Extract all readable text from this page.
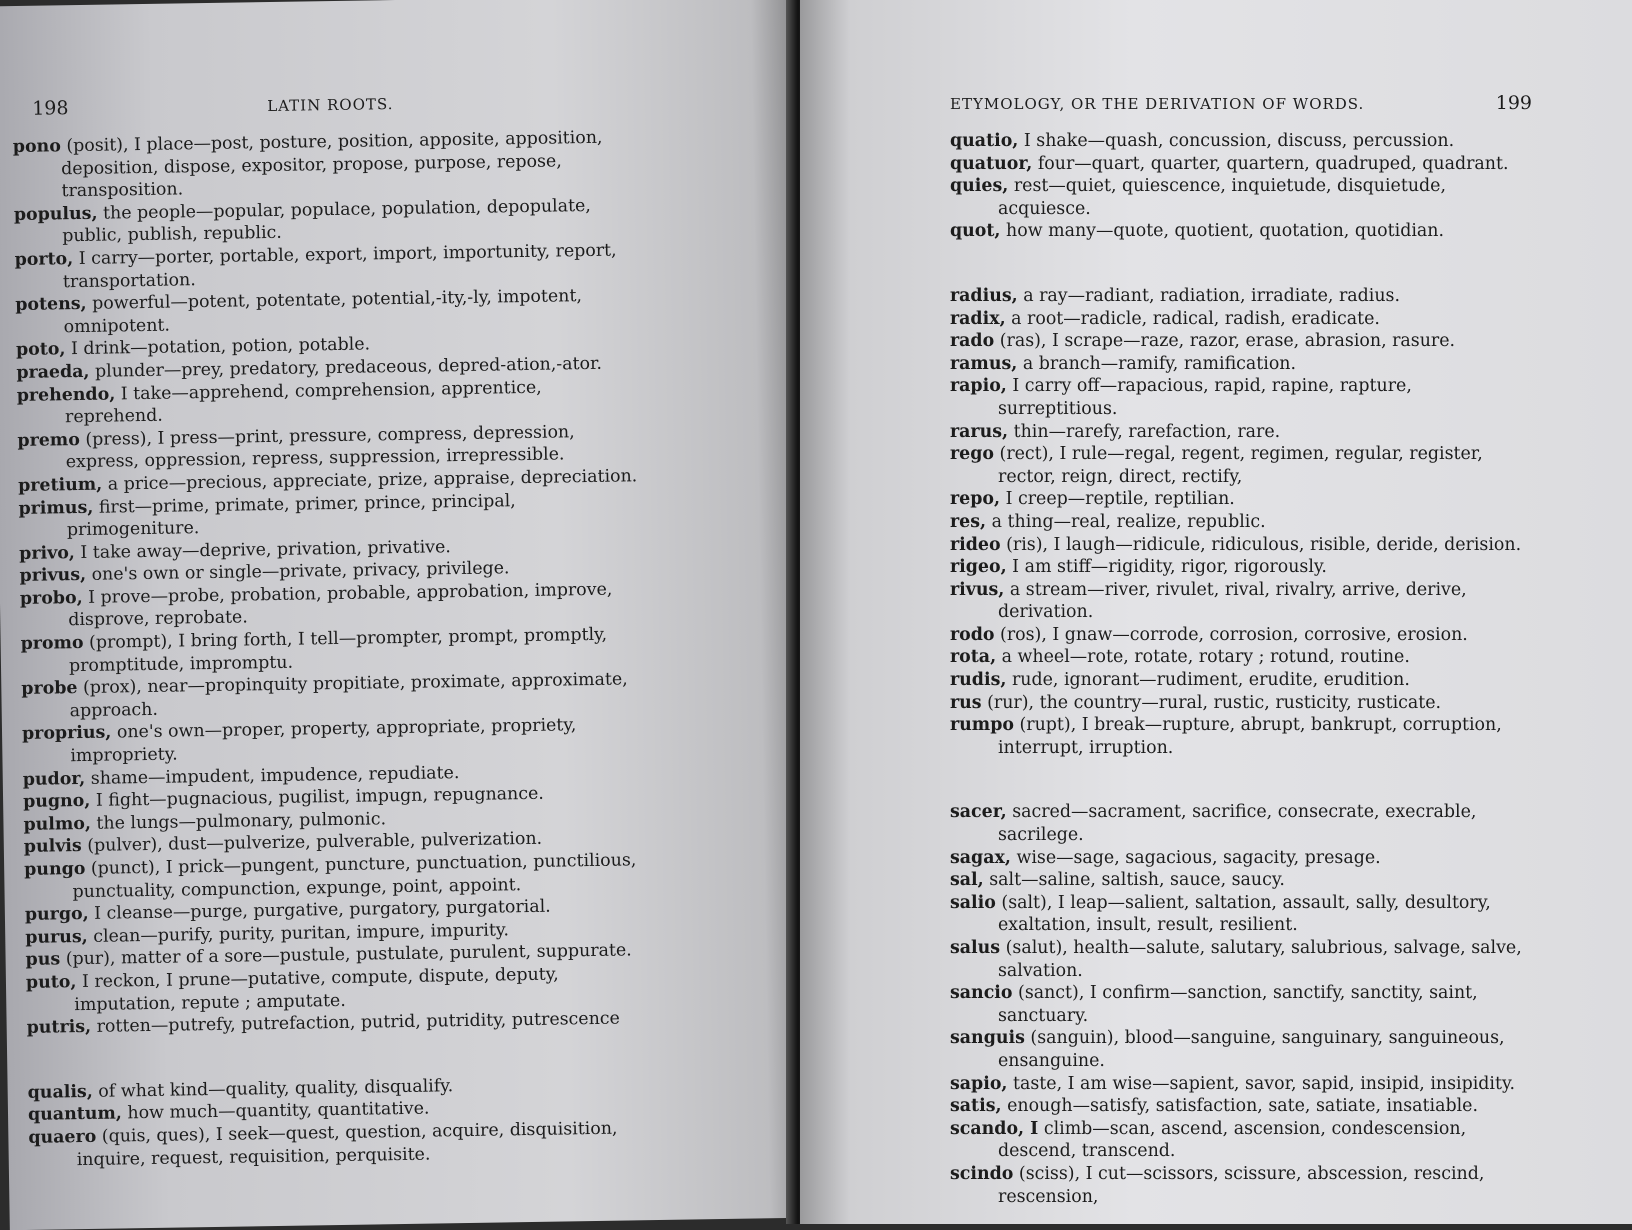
198	LATIN ROOTS.

pono (posit), I place—post, posture, position, apposite, apposition, deposition, dispose, expositor, propose, purpose, repose, transposition.

populus, the people—popular, populace, population, depopulate, public, publish, republic.

porto, I carry—porter, portable, export, import, importunity, report, transportation.

potens, powerful—potent, potentate, potential,-ity,-ly, impotent, omnipotent.

poto, I drink—potation, potion, potable.

praeda, plunder—prey, predatory, predaceous, depred-ation,-ator.

prehendo, I take—apprehend, comprehension, apprentice, reprehend.

premo (press), I press—print, pressure, compress, depression, express, oppression, repress, suppression, irrepressible.

pretium, a price—precious, appreciate, prize, appraise, depreciation.

primus, first—prime, primate, primer, prince, principal, primogeniture.

privo, I take away—deprive, privation, privative.

privus, one's own or single—private, privacy, privilege.

probo, I prove—probe, probation, probable, approbation, improve, disprove, reprobate.

promo (prompt), I bring forth, I tell—prompter, prompt, promptly, promptitude, impromptu.

probe (prox), near—propinquity propitiate, proximate, approximate, approach.

proprius, one's own—proper, property, appropriate, propriety, impropriety.

pudor, shame—impudent, impudence, repudiate.

pugno, I fight—pugnacious, pugilist, impugn, repugnance.

pulmo, the lungs—pulmonary, pulmonic.

pulvis (pulver), dust—pulverize, pulverable, pulverization.

pungo (punct), I prick—pungent, puncture, punctuation, punctilious, punctuality, compunction, expunge, point, appoint.

purgo, I cleanse—purge, purgative, purgatory, purgatorial.

purus, clean—purify, purity, puritan, impure, impurity.

pus (pur), matter of a sore—pustule, pustulate, purulent, suppurate.

puto, I reckon, I prune—putative, compute, dispute, deputy, imputation, repute ; amputate.

putris, rotten—putrefy, putrefaction, putrid, putridity, putrescence

qualis, of what kind—quality, quality, disqualify.

quantum, how much—quantity, quantitative.

quaero (quis, ques), I seek—quest, question, acquire, disquisition, inquire, request, requisition, perquisite.

ETYMOLOGY, OR THE DERIVATION OF WORDS.	199

quatio, I shake—quash, concussion, discuss, percussion.

quatuor, four—quart, quarter, quartern, quadruped, quadrant.

quies, rest—quiet, quiescence, inquietude, disquietude, acquiesce.

quot, how many—quote, quotient, quotation, quotidian.

radius, a ray—radiant, radiation, irradiate, radius.

radix, a root—radicle, radical, radish, eradicate.

rado (ras), I scrape—raze, razor, erase, abrasion, rasure.

ramus, a branch—ramify, ramification.

rapio, I carry off—rapacious, rapid, rapine, rapture, surreptitious.

rarus, thin—rarefy, rarefaction, rare.

rego (rect), I rule—regal, regent, regimen, regular, register, rector, reign, direct, rectify,

repo, I creep—reptile, reptilian.

res, a thing—real, realize, republic.

rideo (ris), I laugh—ridicule, ridiculous, risible, deride, derision.

rigeo, I am stiff—rigidity, rigor, rigorously.

rivus, a stream—river, rivulet, rival, rivalry, arrive, derive, derivation.

rodo (ros), I gnaw—corrode, corrosion, corrosive, erosion.

rota, a wheel—rote, rotate, rotary ; rotund, routine.

rudis, rude, ignorant—rudiment, erudite, erudition.

rus (rur), the country—rural, rustic, rusticity, rusticate.

rumpo (rupt), I break—rupture, abrupt, bankrupt, corruption, interrupt, irruption.

sacer, sacred—sacrament, sacrifice, consecrate, execrable, sacrilege.

sagax, wise—sage, sagacious, sagacity, presage.

sal, salt—saline, saltish, sauce, saucy.

salio (salt), I leap—salient, saltation, assault, sally, desultory, exaltation, insult, result, resilient.

salus (salut), health—salute, salutary, salubrious, salvage, salve, salvation.

sancio (sanct), I confirm—sanction, sanctify, sanctity, saint, sanctuary.

sanguis (sanguin), blood—sanguine, sanguinary, sanguineous, ensanguine.

sapio, taste, I am wise—sapient, savor, sapid, insipid, insipidity.

satis, enough—satisfy, satisfaction, sate, satiate, insatiable.

scando, I climb—scan, ascend, ascension, condescension, descend, transcend.

scindo (sciss), I cut—scissors, scissure, abscession, rescind, rescension,
